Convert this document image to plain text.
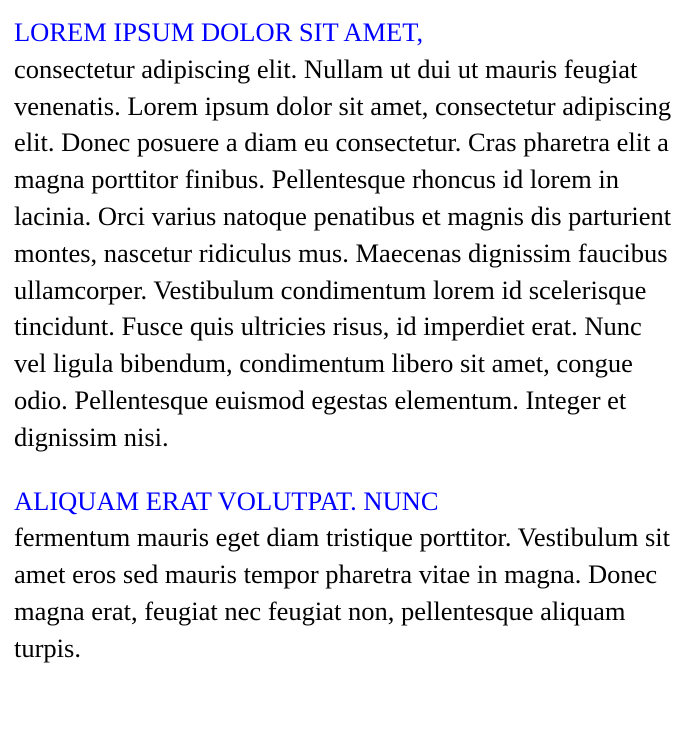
LOREM IPSUM DOLOR SIT AMET,
consectetur adipiscing elit. Nullam ut dui ut mauris feugiat venenatis. Lorem ipsum dolor sit amet, consectetur adipiscing elit. Donec posuere a diam eu consectetur. Cras pharetra elit a magna porttitor finibus. Pellentesque rhoncus id lorem in lacinia. Orci varius natoque penatibus et magnis dis parturient montes, nascetur ridiculus mus. Maecenas dignissim faucibus ullamcorper. Vestibulum condimentum lorem id scelerisque tincidunt. Fusce quis ultricies risus, id imperdiet erat. Nunc vel ligula bibendum, condimentum libero sit amet, congue odio. Pellentesque euismod egestas elementum. Integer et dignissim nisi.

ALIQUAM ERAT VOLUTPAT. NUNC
fermentum mauris eget diam tristique porttitor. Vestibulum sit amet eros sed mauris tempor pharetra vitae in magna. Donec magna erat, feugiat nec feugiat non, pellentesque aliquam turpis.
